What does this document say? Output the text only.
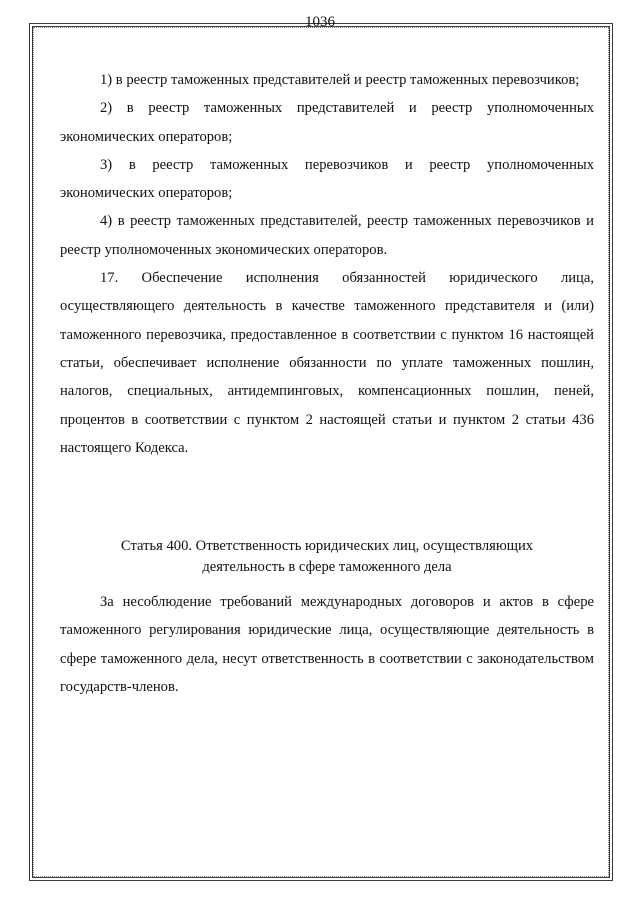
1036

1) в реестр таможенных представителей и реестр таможенных перевозчиков;

2) в реестр таможенных представителей и реестр уполномоченных экономических операторов;

3) в реестр таможенных перевозчиков и реестр уполномоченных экономических операторов;

4) в реестр таможенных представителей, реестр таможенных перевозчиков и реестр уполномоченных экономических операторов.

17. Обеспечение исполнения обязанностей юридического лица, осуществляющего деятельность в качестве таможенного представителя и (или) таможенного перевозчика, предоставленное в соответствии с пунктом 16 настоящей статьи, обеспечивает исполнение обязанности по уплате таможенных пошлин, налогов, специальных, антидемпинговых, компенсационных пошлин, пеней, процентов в соответствии с пунктом 2 настоящей статьи и пунктом 2 статьи 436 настоящего Кодекса.

Статья 400. Ответственность юридических лиц, осуществляющих

деятельность в сфере таможенного дела

За несоблюдение требований международных договоров и актов в сфере таможенного регулирования юридические лица, осуществляющие деятельность в сфере таможенного дела, несут ответственность в соответствии с законодательством государств-членов.
